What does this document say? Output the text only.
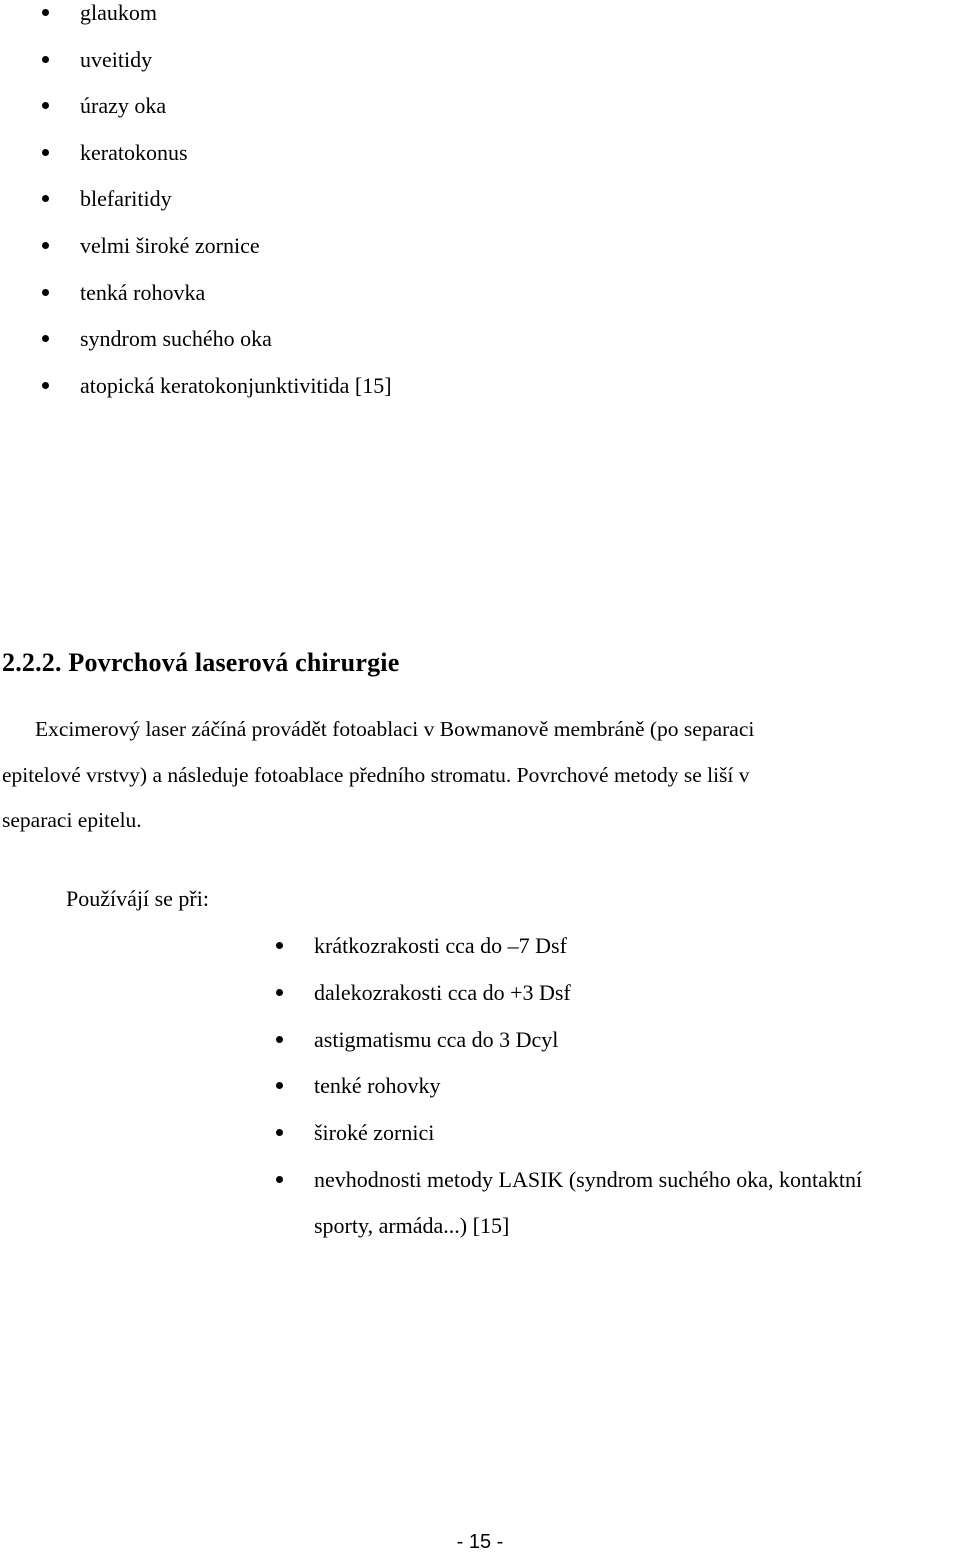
glaukom
uveitidy
úrazy oka
keratokonus
blefaritidy
velmi široké zornice
tenká rohovka
syndrom suchého oka
atopická keratokonjunktivitida [15]
2.2.2. Povrchová laserová chirurgie

Excimerový laser záčíná provádět fotoablaci v Bowmanově membráně (po separaci
epitelové vrstvy) a následuje fotoablace předního stromatu. Povrchové metody se liší v
separaci epitelu.

Používájí se při:

krátkozrakosti cca do –7 Dsf
dalekozrakosti cca do +3 Dsf
astigmatismu cca do 3 Dcyl
tenké rohovky
široké zornici
nevhodnosti metody LASIK (syndrom suchého oka, kontaktní
sporty, armáda...) [15]
- 15 -
